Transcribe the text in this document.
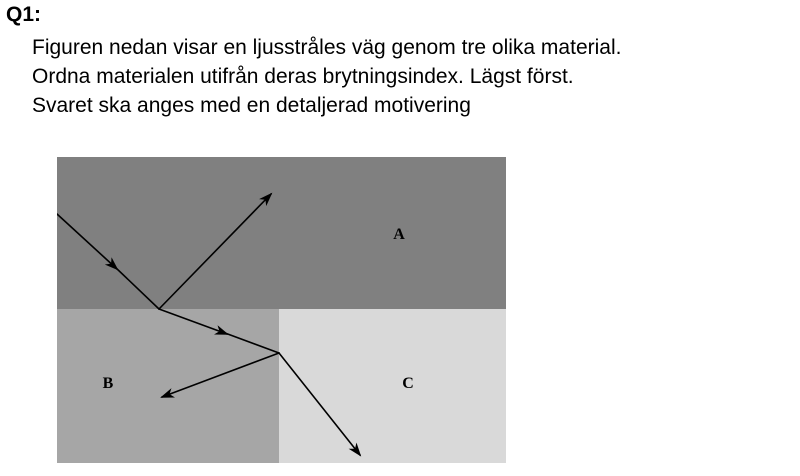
Q1:
Figuren nedan visar en ljusstråles väg genom tre olika material.
Ordna materialen utifrån deras brytningsindex. Lägst först.
Svaret ska anges med en detaljerad motivering
A
B	C
